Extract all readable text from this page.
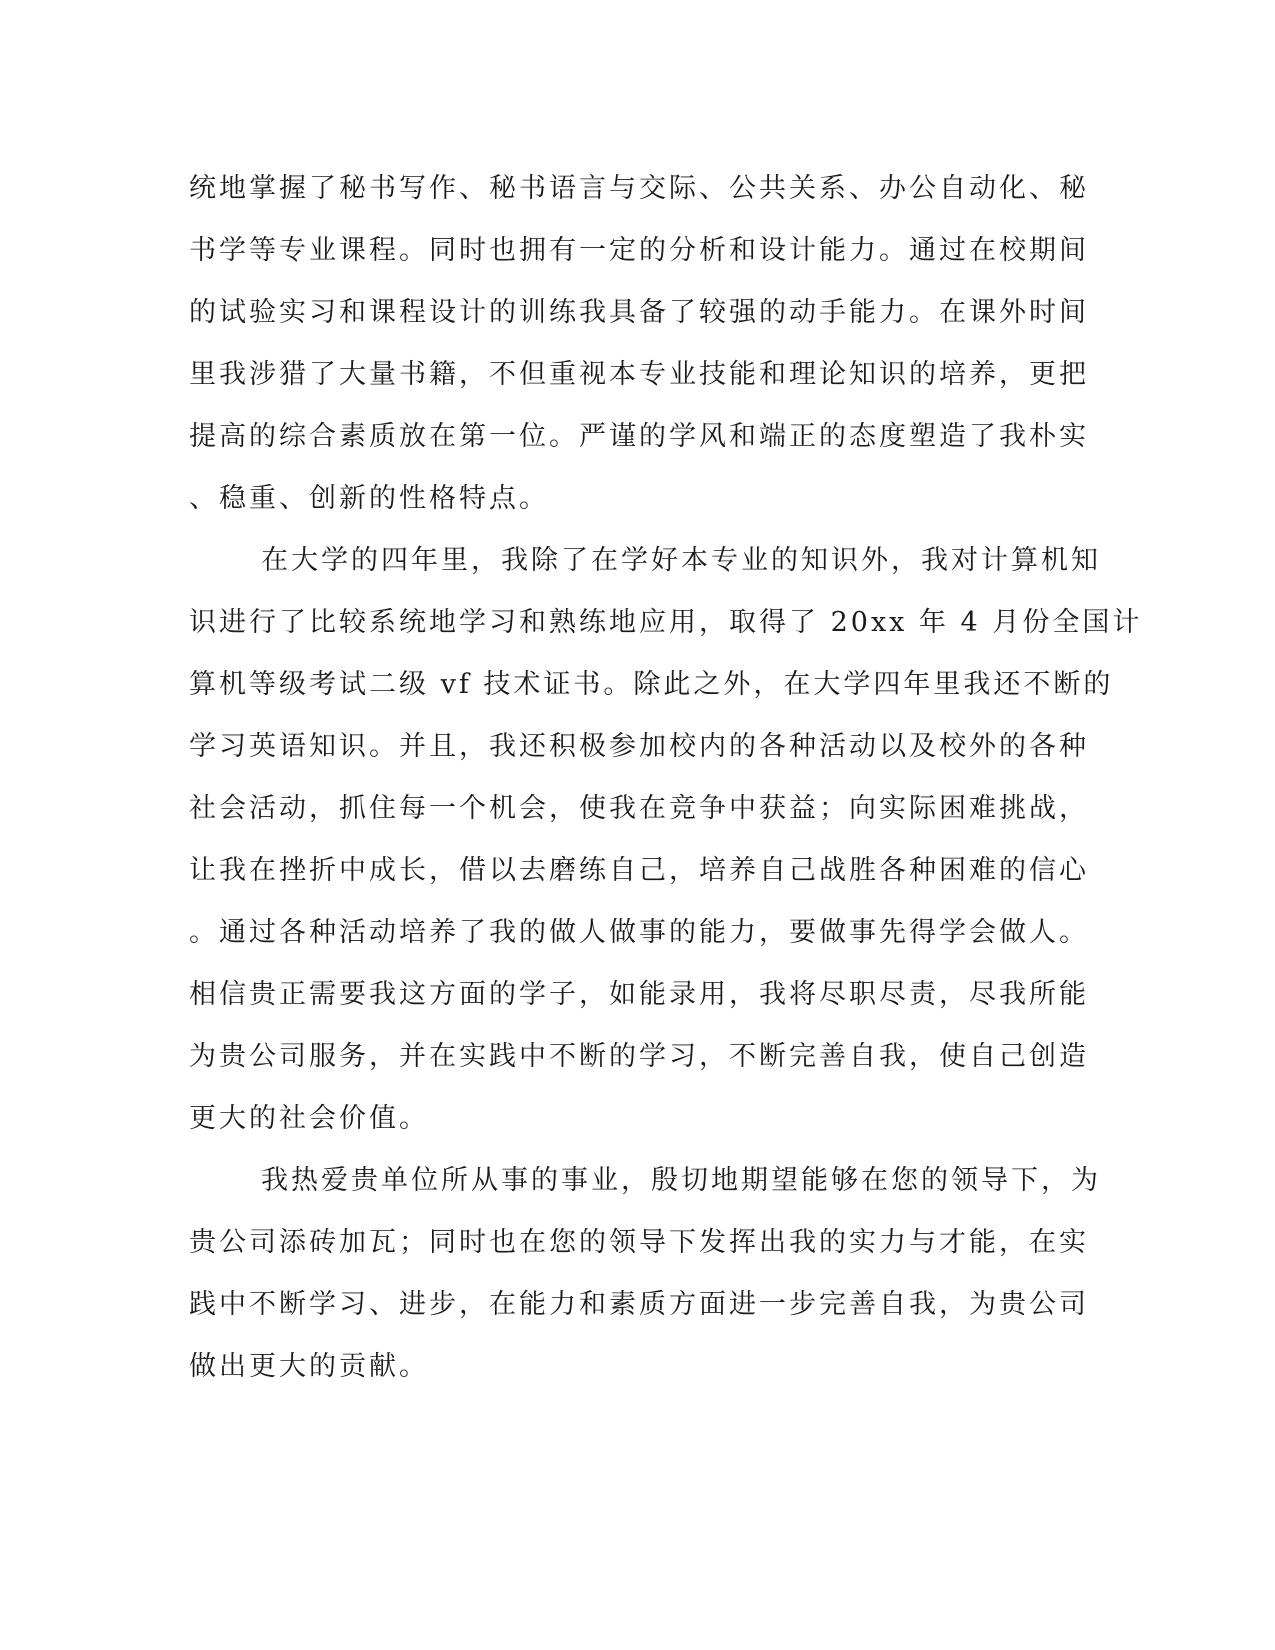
统地掌握了秘书写作、秘书语言与交际、公共关系、办公自动化、秘
书学等专业课程。同时也拥有一定的分析和设计能力。通过在校期间
的试验实习和课程设计的训练我具备了较强的动手能力。在课外时间
里我涉猎了大量书籍，不但重视本专业技能和理论知识的培养，更把
提高的综合素质放在第一位。严谨的学风和端正的态度塑造了我朴实
、稳重、创新的性格特点。
在大学的四年里，我除了在学好本专业的知识外，我对计算机知
识进行了比较系统地学习和熟练地应用，取得了 20xx 年 4 月份全国计
算机等级考试二级 vf 技术证书。除此之外，在大学四年里我还不断的
学习英语知识。并且，我还积极参加校内的各种活动以及校外的各种
社会活动，抓住每一个机会，使我在竞争中获益；向实际困难挑战，
让我在挫折中成长，借以去磨练自己，培养自己战胜各种困难的信心
。通过各种活动培养了我的做人做事的能力，要做事先得学会做人。
相信贵正需要我这方面的学子，如能录用，我将尽职尽责，尽我所能
为贵公司服务，并在实践中不断的学习，不断完善自我，使自己创造
更大的社会价值。
我热爱贵单位所从事的事业，殷切地期望能够在您的领导下，为
贵公司添砖加瓦；同时也在您的领导下发挥出我的实力与才能，在实
践中不断学习、进步，在能力和素质方面进一步完善自我，为贵公司
做出更大的贡献。
